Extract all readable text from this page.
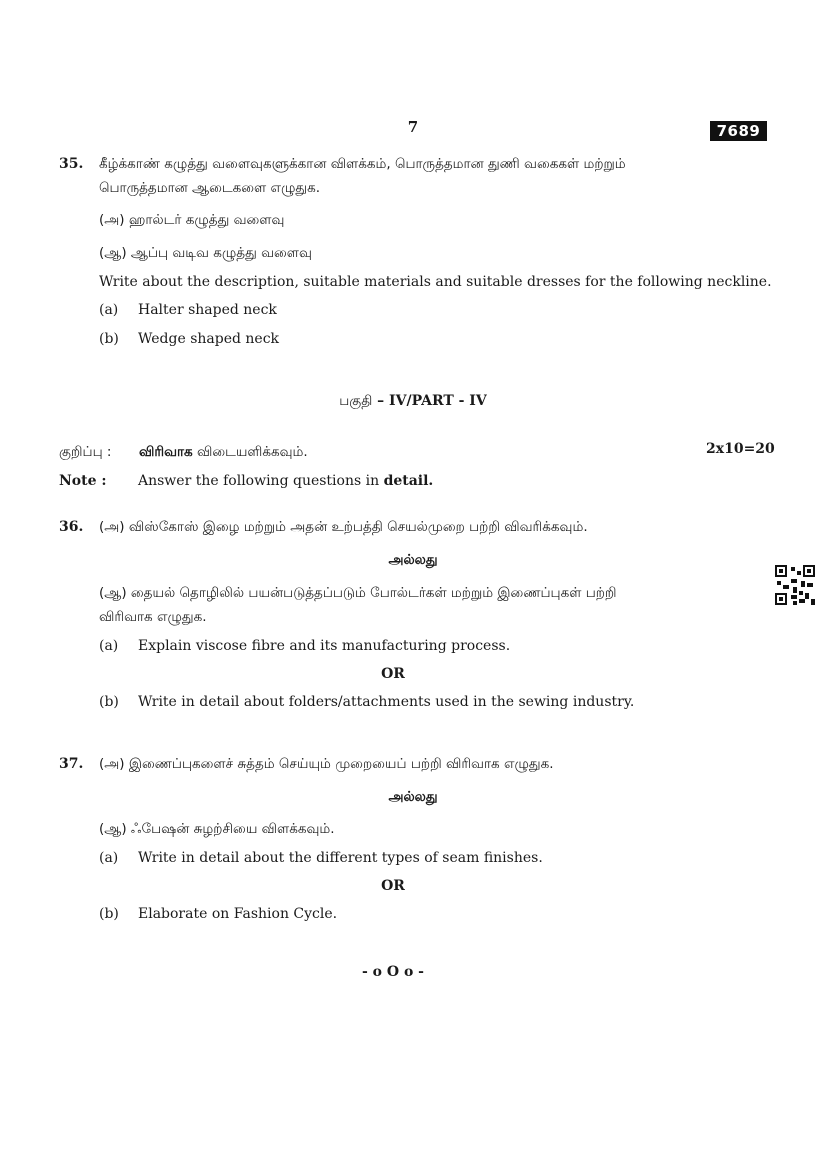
7	7689
35. கீழ்க்காண் கழுத்து வளைவுகளுக்கான விளக்கம், பொருத்தமான துணி வகைகள் மற்றும்
பொருத்தமான ஆடைகளை எழுதுக.
(அ) ஹால்டர் கழுத்து வளைவு
(ஆ) ஆப்பு வடிவ கழுத்து வளைவு
Write about the description, suitable materials and suitable dresses for the following neckline.
(a) Halter shaped neck
(b) Wedge shaped neck
பகுதி – IV/PART - IV
குறிப்பு : விரிவாக விடையளிக்கவும்.	2x10=20
Note : Answer the following questions in detail.
36. (அ) விஸ்கோஸ் இழை மற்றும் அதன் உற்பத்தி செயல்முறை பற்றி விவரிக்கவும்.
அல்லது
(ஆ) தையல் தொழிலில் பயன்படுத்தப்படும் போல்டர்கள் மற்றும் இணைப்புகள் பற்றி
விரிவாக எழுதுக.
(a) Explain viscose fibre and its manufacturing process.
OR
(b) Write in detail about folders/attachments used in the sewing industry.
37. (அ) இணைப்புகளைச் சுத்தம் செய்யும் முறையைப் பற்றி விரிவாக எழுதுக.
அல்லது
(ஆ) ஃபேஷன் சுழற்சியை விளக்கவும்.
(a) Write in detail about the different types of seam finishes.
OR
(b) Elaborate on Fashion Cycle.
- o O o -
